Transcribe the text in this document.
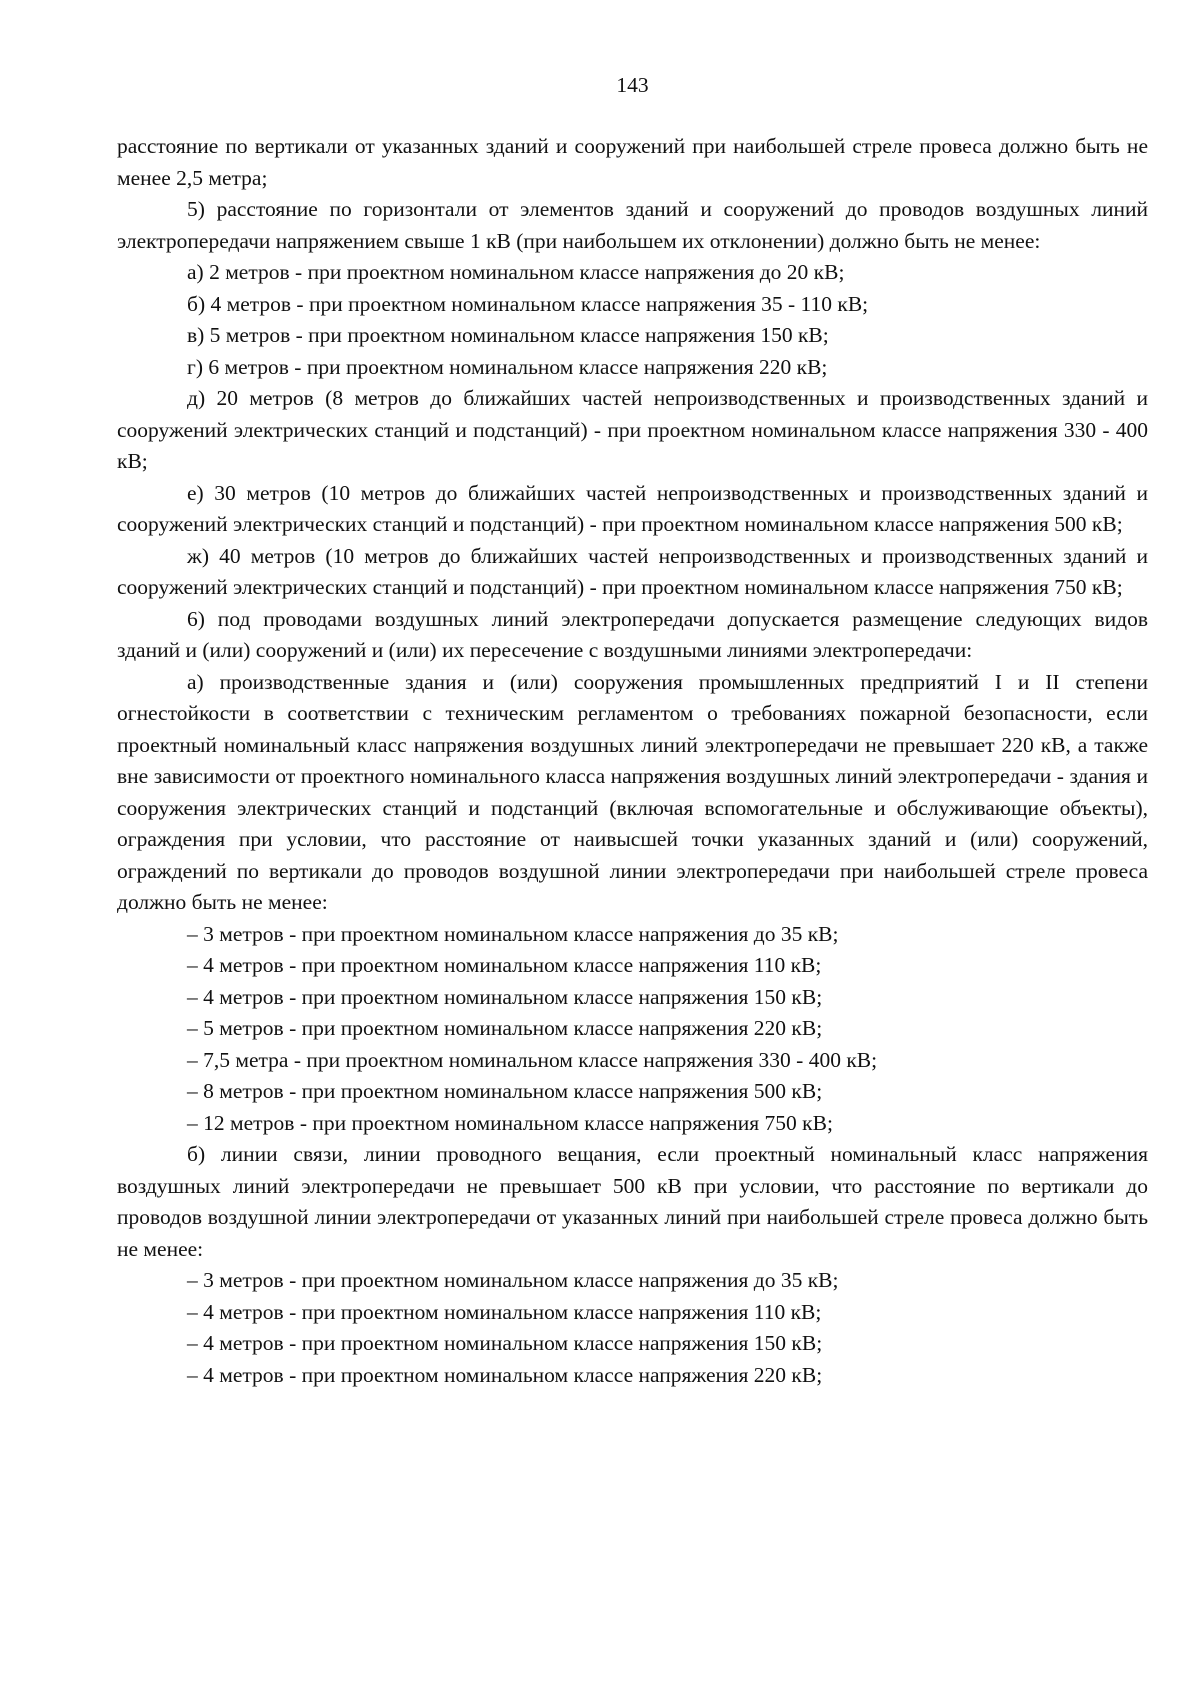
143

расстояние по вертикали от указанных зданий и сооружений при наибольшей стреле провеса должно быть не менее 2,5 метра;

5) расстояние по горизонтали от элементов зданий и сооружений до проводов воздушных линий электропередачи напряжением свыше 1 кВ (при наибольшем их отклонении) должно быть не менее:

а) 2 метров - при проектном номинальном классе напряжения до 20 кВ;

б) 4 метров - при проектном номинальном классе напряжения 35 - 110 кВ;

в) 5 метров - при проектном номинальном классе напряжения 150 кВ;

г) 6 метров - при проектном номинальном классе напряжения 220 кВ;

д) 20 метров (8 метров до ближайших частей непроизводственных и производственных зданий и сооружений электрических станций и подстанций) - при проектном номинальном классе напряжения 330 - 400 кВ;

е) 30 метров (10 метров до ближайших частей непроизводственных и производственных зданий и сооружений электрических станций и подстанций) - при проектном номинальном классе напряжения 500 кВ;

ж) 40 метров (10 метров до ближайших частей непроизводственных и производственных зданий и сооружений электрических станций и подстанций) - при проектном номинальном классе напряжения 750 кВ;

6) под проводами воздушных линий электропередачи допускается размещение следующих видов зданий и (или) сооружений и (или) их пересечение с воздушными линиями электропередачи:

а) производственные здания и (или) сооружения промышленных предприятий I и II степени огнестойкости в соответствии с техническим регламентом о требованиях пожарной безопасности, если проектный номинальный класс напряжения воздушных линий электропередачи не превышает 220 кВ, а также вне зависимости от проектного номинального класса напряжения воздушных линий электропередачи - здания и сооружения электрических станций и подстанций (включая вспомогательные и обслуживающие объекты), ограждения при условии, что расстояние от наивысшей точки указанных зданий и (или) сооружений, ограждений по вертикали до проводов воздушной линии электропередачи при наибольшей стреле провеса должно быть не менее:

– 3 метров - при проектном номинальном классе напряжения до 35 кВ;

– 4 метров - при проектном номинальном классе напряжения 110 кВ;

– 4 метров - при проектном номинальном классе напряжения 150 кВ;

– 5 метров - при проектном номинальном классе напряжения 220 кВ;

– 7,5 метра - при проектном номинальном классе напряжения 330 - 400 кВ;

– 8 метров - при проектном номинальном классе напряжения 500 кВ;

– 12 метров - при проектном номинальном классе напряжения 750 кВ;

б) линии связи, линии проводного вещания, если проектный номинальный класс напряжения воздушных линий электропередачи не превышает 500 кВ при условии, что расстояние по вертикали до проводов воздушной линии электропередачи от указанных линий при наибольшей стреле провеса должно быть не менее:

– 3 метров - при проектном номинальном классе напряжения до 35 кВ;

– 4 метров - при проектном номинальном классе напряжения 110 кВ;

– 4 метров - при проектном номинальном классе напряжения 150 кВ;

– 4 метров - при проектном номинальном классе напряжения 220 кВ;
